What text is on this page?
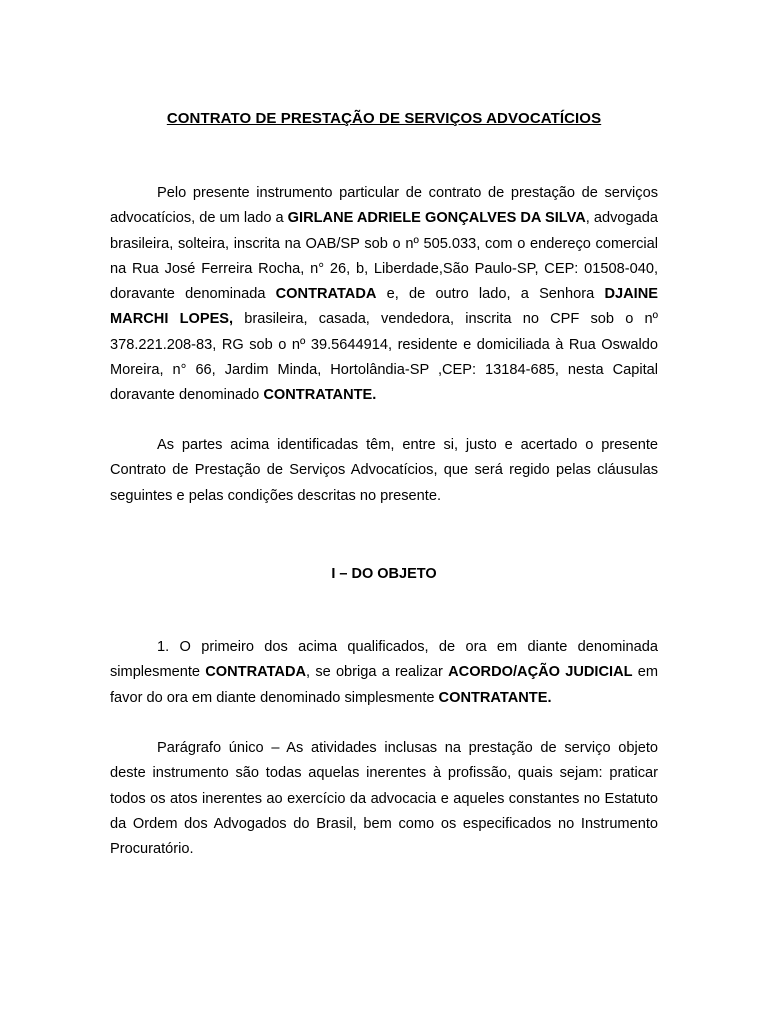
CONTRATO DE PRESTAÇÃO DE SERVIÇOS ADVOCATÍCIOS

Pelo presente instrumento particular de contrato de prestação de serviços advocatícios, de um lado a GIRLANE ADRIELE GONÇALVES DA SILVA, advogada brasileira, solteira, inscrita na OAB/SP sob o nº 505.033, com o endereço comercial na Rua José Ferreira Rocha, n° 26, b, Liberdade,São Paulo-SP, CEP: 01508-040, doravante denominada CONTRATADA e, de outro lado, a Senhora DJAINE MARCHI LOPES, brasileira, casada, vendedora, inscrita no CPF sob o nº 378.221.208-83, RG sob o nº 39.5644914, residente e domiciliada à Rua Oswaldo Moreira, n° 66, Jardim Minda, Hortolândia-SP ,CEP: 13184-685, nesta Capital doravante denominado CONTRATANTE.

As partes acima identificadas têm, entre si, justo e acertado o presente Contrato de Prestação de Serviços Advocatícios, que será regido pelas cláusulas seguintes e pelas condições descritas no presente.

I – DO OBJETO

1. O primeiro dos acima qualificados, de ora em diante denominada simplesmente CONTRATADA, se obriga a realizar ACORDO/AÇÃO JUDICIAL em favor do ora em diante denominado simplesmente CONTRATANTE.

Parágrafo único – As atividades inclusas na prestação de serviço objeto deste instrumento são todas aquelas inerentes à profissão, quais sejam: praticar todos os atos inerentes ao exercício da advocacia e aqueles constantes no Estatuto da Ordem dos Advogados do Brasil, bem como os especificados no Instrumento Procuratório.
